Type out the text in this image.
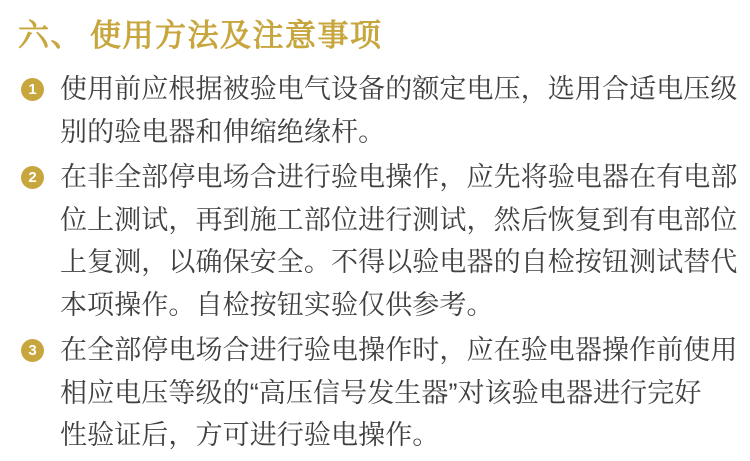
六、 使用方法及注意事项
1 使用前应根据被验电气设备的额定电压，选用合适电压级
别的验电器和伸缩绝缘杆。
2 在非全部停电场合进行验电操作，应先将验电器在有电部
位上测试，再到施工部位进行测试，然后恢复到有电部位
上复测，以确保安全。不得以验电器的自检按钮测试替代
本项操作。自检按钮实验仅供参考。
3 在全部停电场合进行验电操作时，应在验电器操作前使用
相应电压等级的“高压信号发生器”对该验电器进行完好
性验证后，方可进行验电操作。
